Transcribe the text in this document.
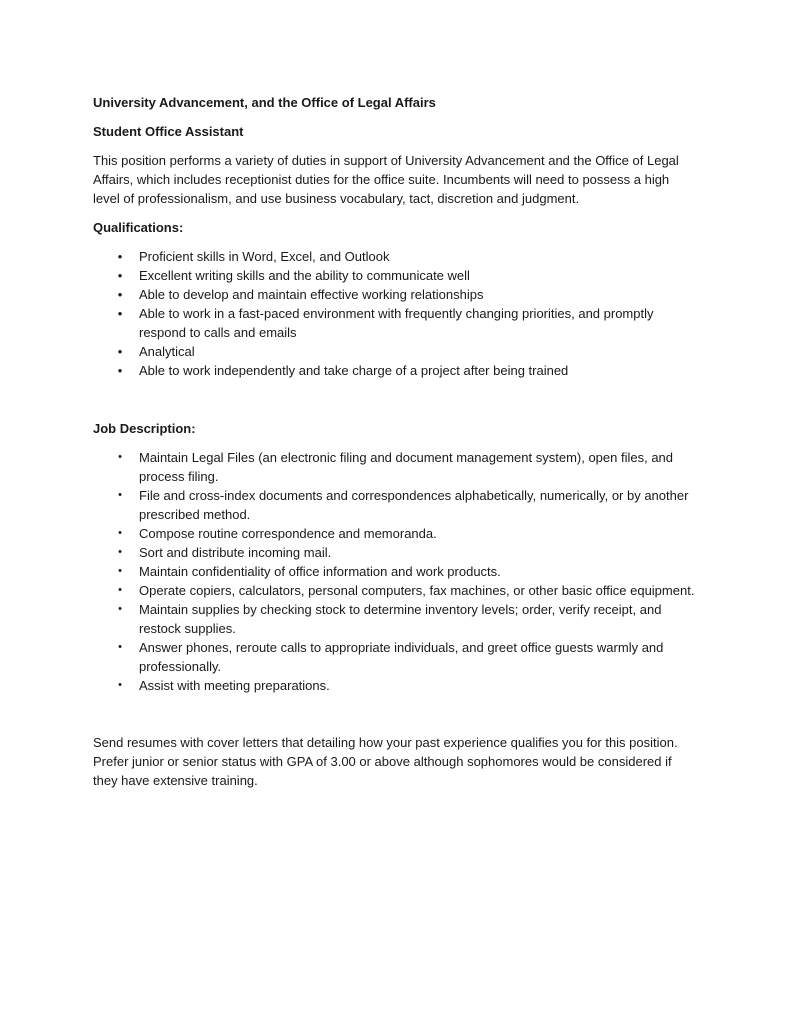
University Advancement, and the Office of Legal Affairs

Student Office Assistant

This position performs a variety of duties in support of University Advancement and the Office of Legal Affairs, which includes receptionist duties for the office suite. Incumbents will need to possess a high level of professionalism, and use business vocabulary, tact, discretion and judgment.

Qualifications:

• Proficient skills in Word, Excel, and Outlook
• Excellent writing skills and the ability to communicate well
• Able to develop and maintain effective working relationships
• Able to work in a fast-paced environment with frequently changing priorities, and promptly respond to calls and emails
• Analytical
• Able to work independently and take charge of a project after being trained

Job Description:

• Maintain Legal Files (an electronic filing and document management system), open files, and process filing.
• File and cross-index documents and correspondences alphabetically, numerically, or by another prescribed method.
• Compose routine correspondence and memoranda.
• Sort and distribute incoming mail.
• Maintain confidentiality of office information and work products.
• Operate copiers, calculators, personal computers, fax machines, or other basic office equipment.
• Maintain supplies by checking stock to determine inventory levels; order, verify receipt, and restock supplies.
• Answer phones, reroute calls to appropriate individuals, and greet office guests warmly and professionally.
• Assist with meeting preparations.

Send resumes with cover letters that detailing how your past experience qualifies you for this position. Prefer junior or senior status with GPA of 3.00 or above although sophomores would be considered if they have extensive training.
